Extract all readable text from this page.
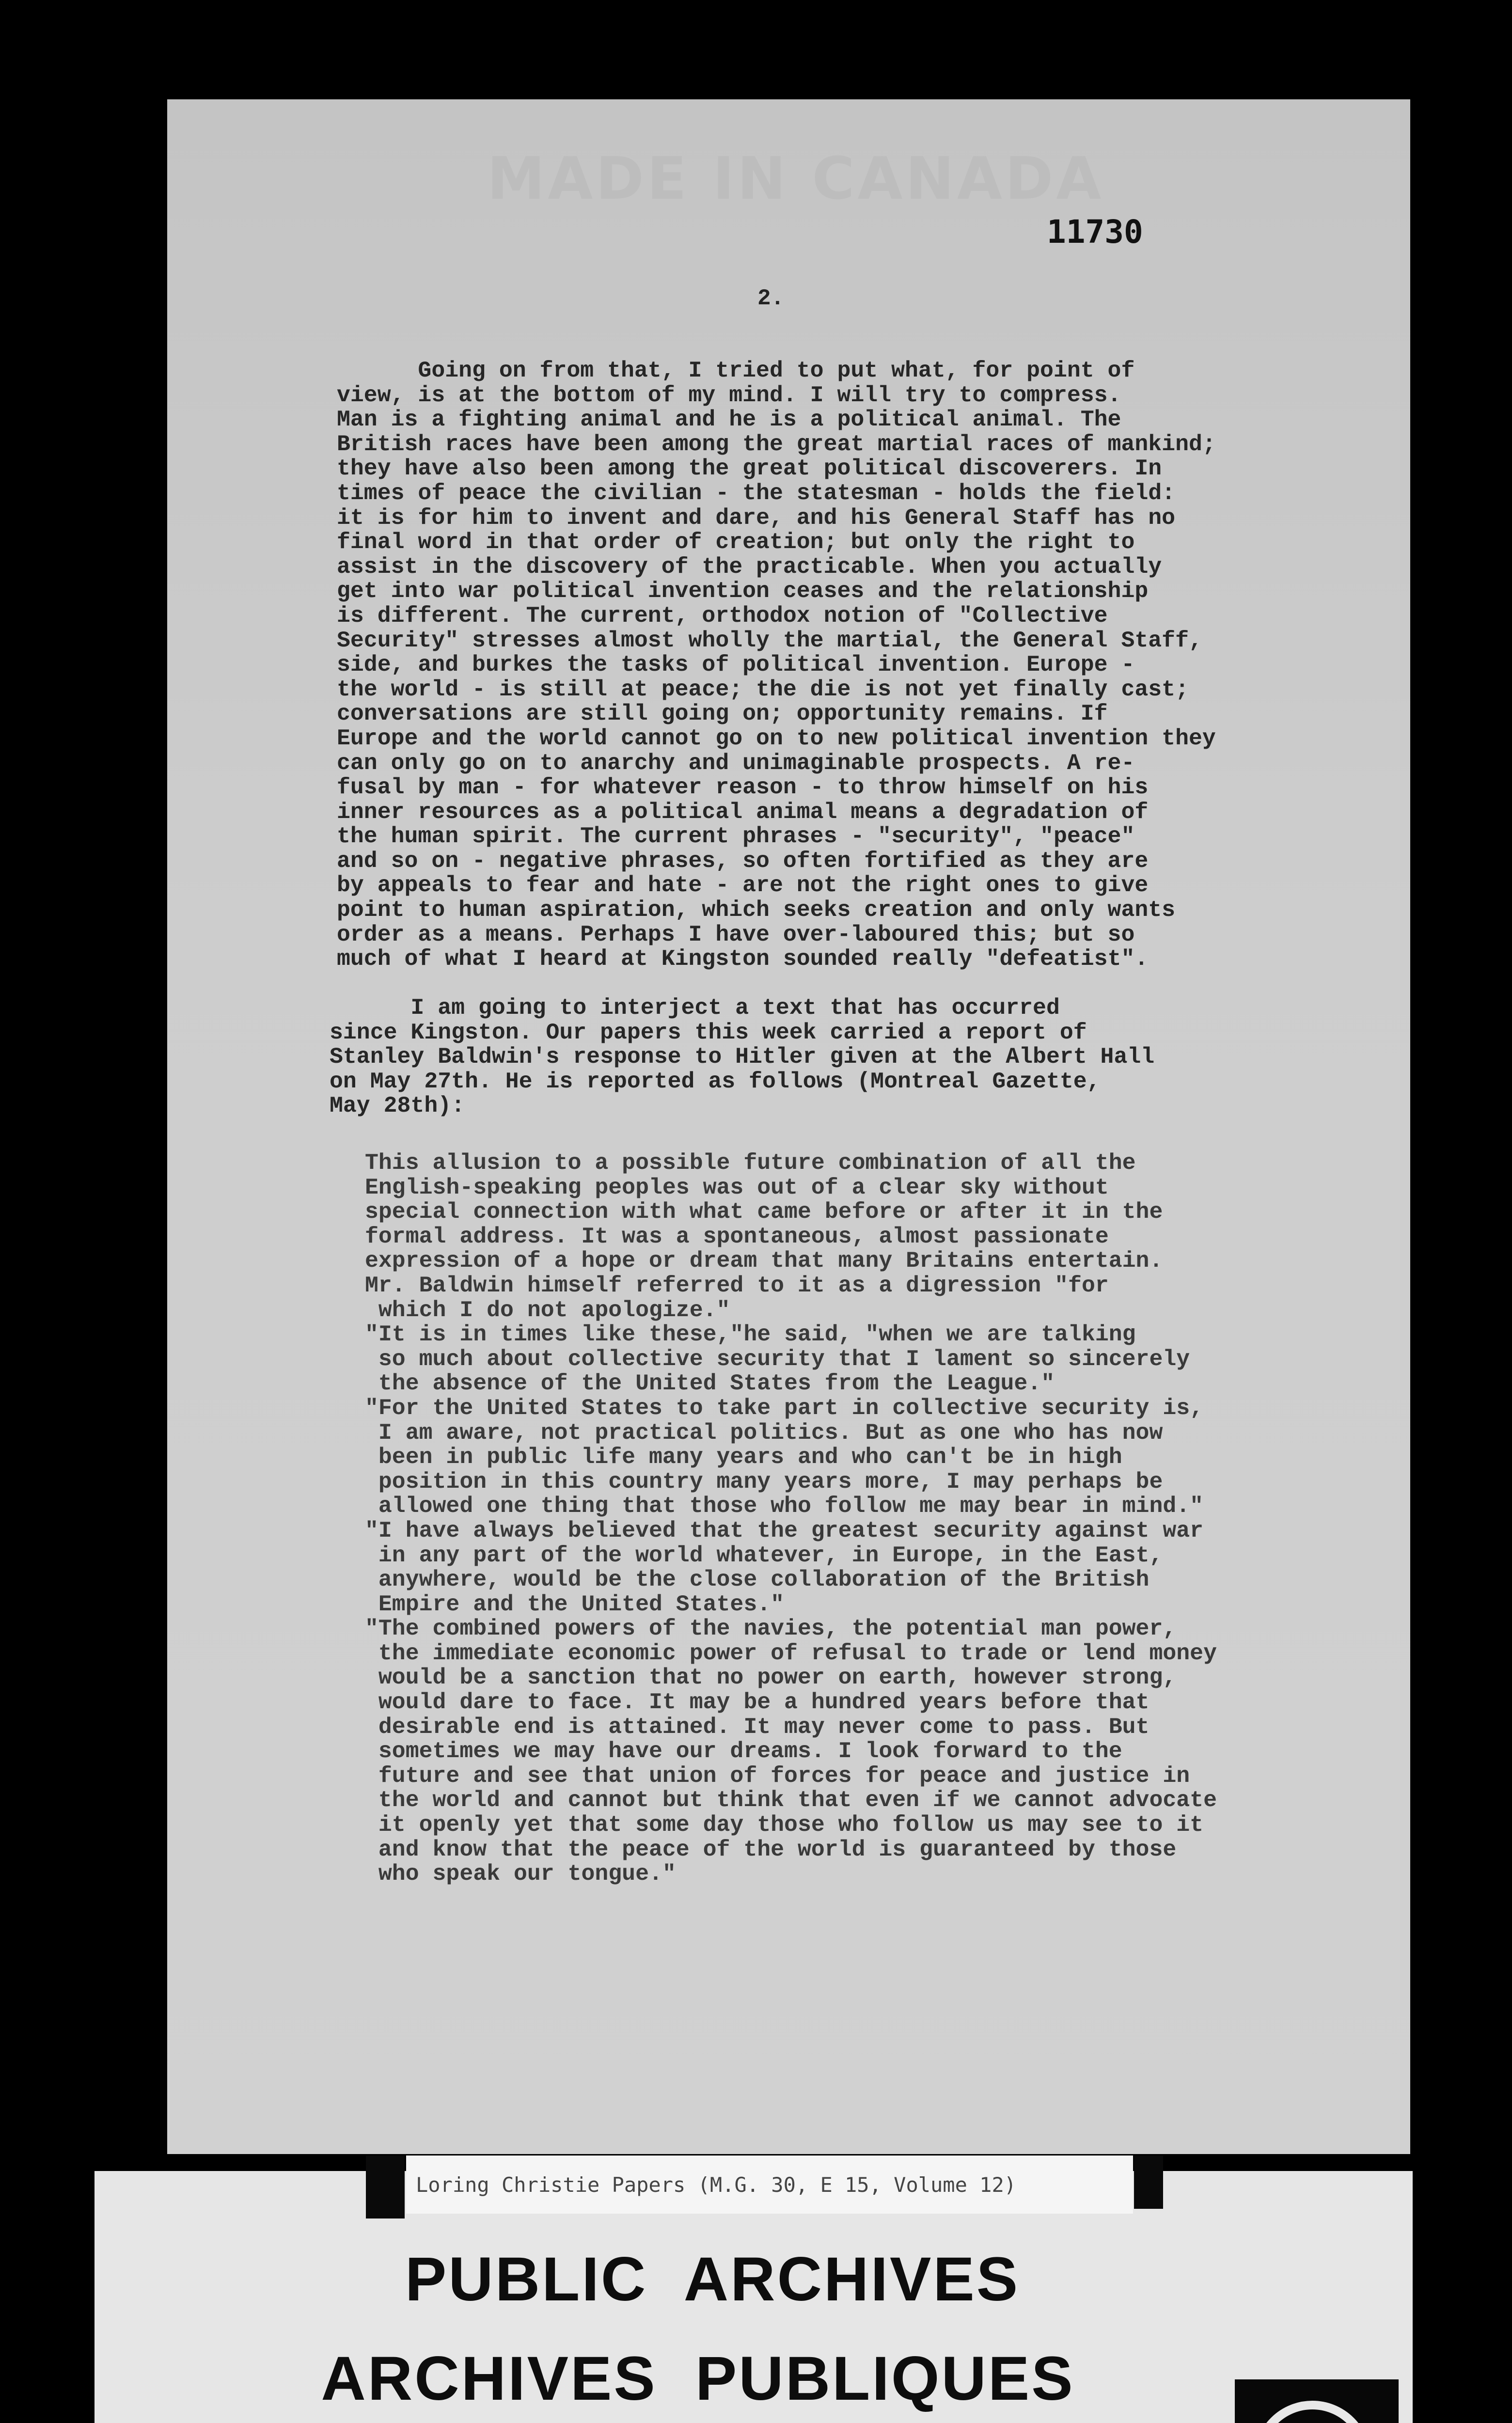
MADE IN CANADA
11730
2.
Going on from that, I tried to put what, for point of
view, is at the bottom of my mind. I will try to compress.
Man is a fighting animal and he is a political animal. The
British races have been among the great martial races of mankind;
they have also been among the great political discoverers. In
times of peace the civilian - the statesman - holds the field:
it is for him to invent and dare, and his General Staff has no
final word in that order of creation; but only the right to
assist in the discovery of the practicable. When you actually
get into war political invention ceases and the relationship
is different. The current, orthodox notion of "Collective
Security" stresses almost wholly the martial, the General Staff,
side, and burkes the tasks of political invention. Europe -
the world - is still at peace; the die is not yet finally cast;
conversations are still going on; opportunity remains. If
Europe and the world cannot go on to new political invention they
can only go on to anarchy and unimaginable prospects. A re-
fusal by man - for whatever reason - to throw himself on his
inner resources as a political animal means a degradation of
the human spirit. The current phrases - "security", "peace"
and so on - negative phrases, so often fortified as they are
by appeals to fear and hate - are not the right ones to give
point to human aspiration, which seeks creation and only wants
order as a means. Perhaps I have over-laboured this; but so
much of what I heard at Kingston sounded really "defeatist".
I am going to interject a text that has occurred
since Kingston. Our papers this week carried a report of
Stanley Baldwin's response to Hitler given at the Albert Hall
on May 27th. He is reported as follows (Montreal Gazette,
May 28th):
This allusion to a possible future combination of all the
English-speaking peoples was out of a clear sky without
special connection with what came before or after it in the
formal address. It was a spontaneous, almost passionate
expression of a hope or dream that many Britains entertain.
Mr. Baldwin himself referred to it as a digression "for
which I do not apologize."
"It is in times like these,"he said, "when we are talking
so much about collective security that I lament so sincerely
the absence of the United States from the League."
"For the United States to take part in collective security is,
I am aware, not practical politics. But as one who has now
been in public life many years and who can't be in high
position in this country many years more, I may perhaps be
allowed one thing that those who follow me may bear in mind."
"I have always believed that the greatest security against war
in any part of the world whatever, in Europe, in the East,
anywhere, would be the close collaboration of the British
Empire and the United States."
"The combined powers of the navies, the potential man power,
the immediate economic power of refusal to trade or lend money
would be a sanction that no power on earth, however strong,
would dare to face. It may be a hundred years before that
desirable end is attained. It may never come to pass. But
sometimes we may have our dreams. I look forward to the
future and see that union of forces for peace and justice in
the world and cannot but think that even if we cannot advocate
it openly yet that some day those who follow us may see to it
and know that the peace of the world is guaranteed by those
who speak our tongue."
Loring Christie Papers (M.G. 30, E 15, Volume 12)
PUBLIC  ARCHIVES
ARCHIVES  PUBLIQUES
